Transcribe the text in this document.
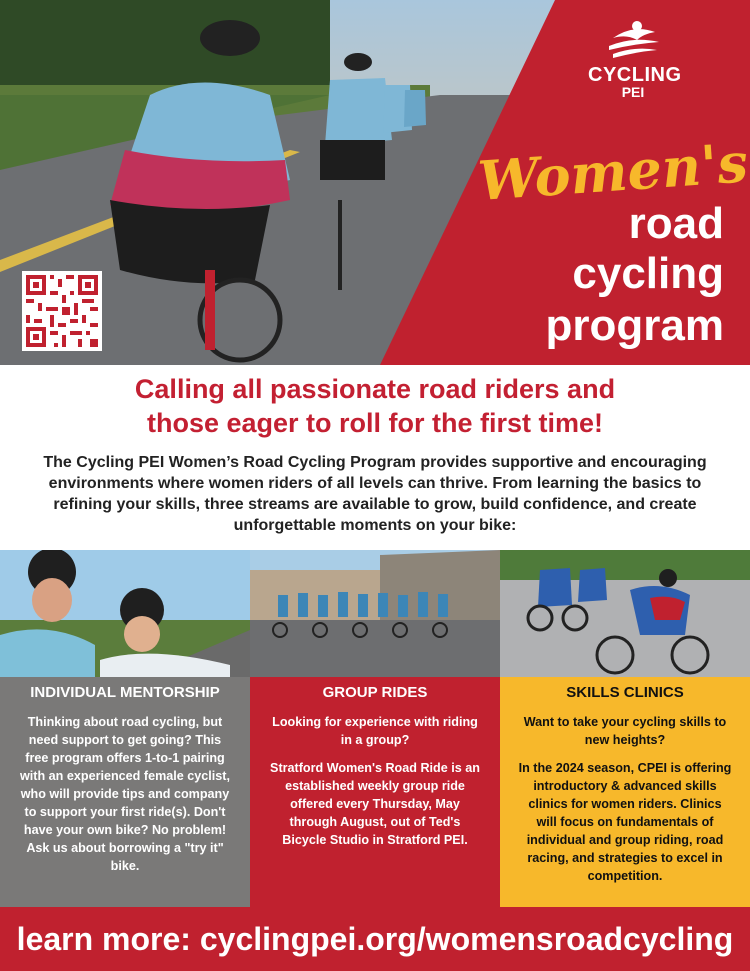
CYCLING
PEI
Women's
road
cycling
program
Calling all passionate road riders and
those eager to roll for the first time!
The Cycling PEI Women’s Road Cycling Program provides supportive and encouraging environments where women riders of all levels can thrive. From learning the basics to refining your skills, three streams are available to grow, build confidence, and create unforgettable moments on your bike:
INDIVIDUAL MENTORSHIP
Thinking about road cycling, but need support to get going? This free program offers 1-to-1 pairing with an experienced female cyclist, who will provide tips and company to support your first ride(s). Don't have your own bike? No problem! Ask us about borrowing a "try it" bike.
GROUP RIDES
Looking for experience with riding in a group?
Stratford Women's Road Ride is an established weekly group ride offered every Thursday, May through August, out of Ted's Bicycle Studio in Stratford PEI.
SKILLS CLINICS
Want to take your cycling skills to new heights?
In the 2024 season, CPEI is offering introductory & advanced skills clinics for women riders. Clinics will focus on fundamentals of individual and group riding, road racing, and strategies to excel in competition.
learn more: cyclingpei.org/womensroadcycling
